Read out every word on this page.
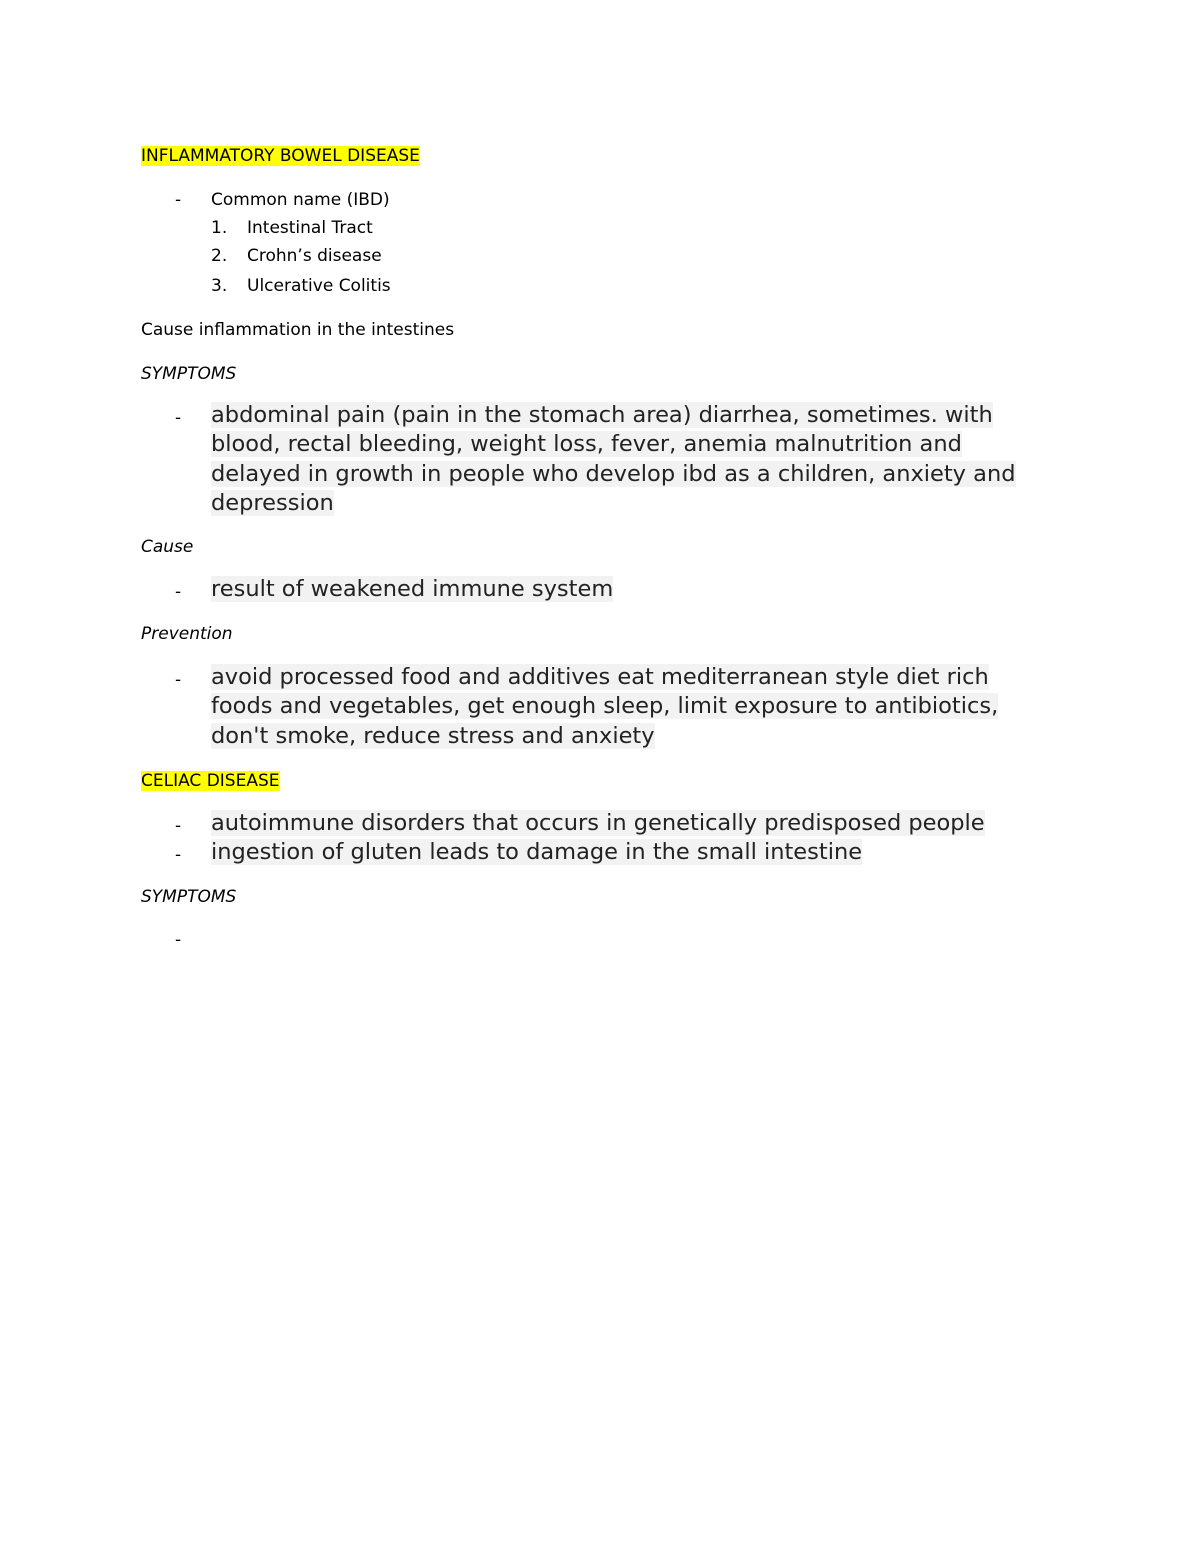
INFLAMMATORY BOWEL DISEASE
- Common name (IBD)
1. Intestinal Tract
2. Crohn’s disease
3. Ulcerative Colitis
Cause inflammation in the intestines
SYMPTOMS
- abdominal pain (pain in the stomach area) diarrhea, sometimes. with blood, rectal bleeding, weight loss, fever, anemia malnutrition and delayed in growth in people who develop ibd as a children, anxiety and depression
Cause
- result of weakened immune system
Prevention
- avoid processed food and additives eat mediterranean style diet rich foods and vegetables, get enough sleep, limit exposure to antibiotics, don't smoke, reduce stress and anxiety
CELIAC DISEASE
- autoimmune disorders that occurs in genetically predisposed people
- ingestion of gluten leads to damage in the small intestine
SYMPTOMS
-
